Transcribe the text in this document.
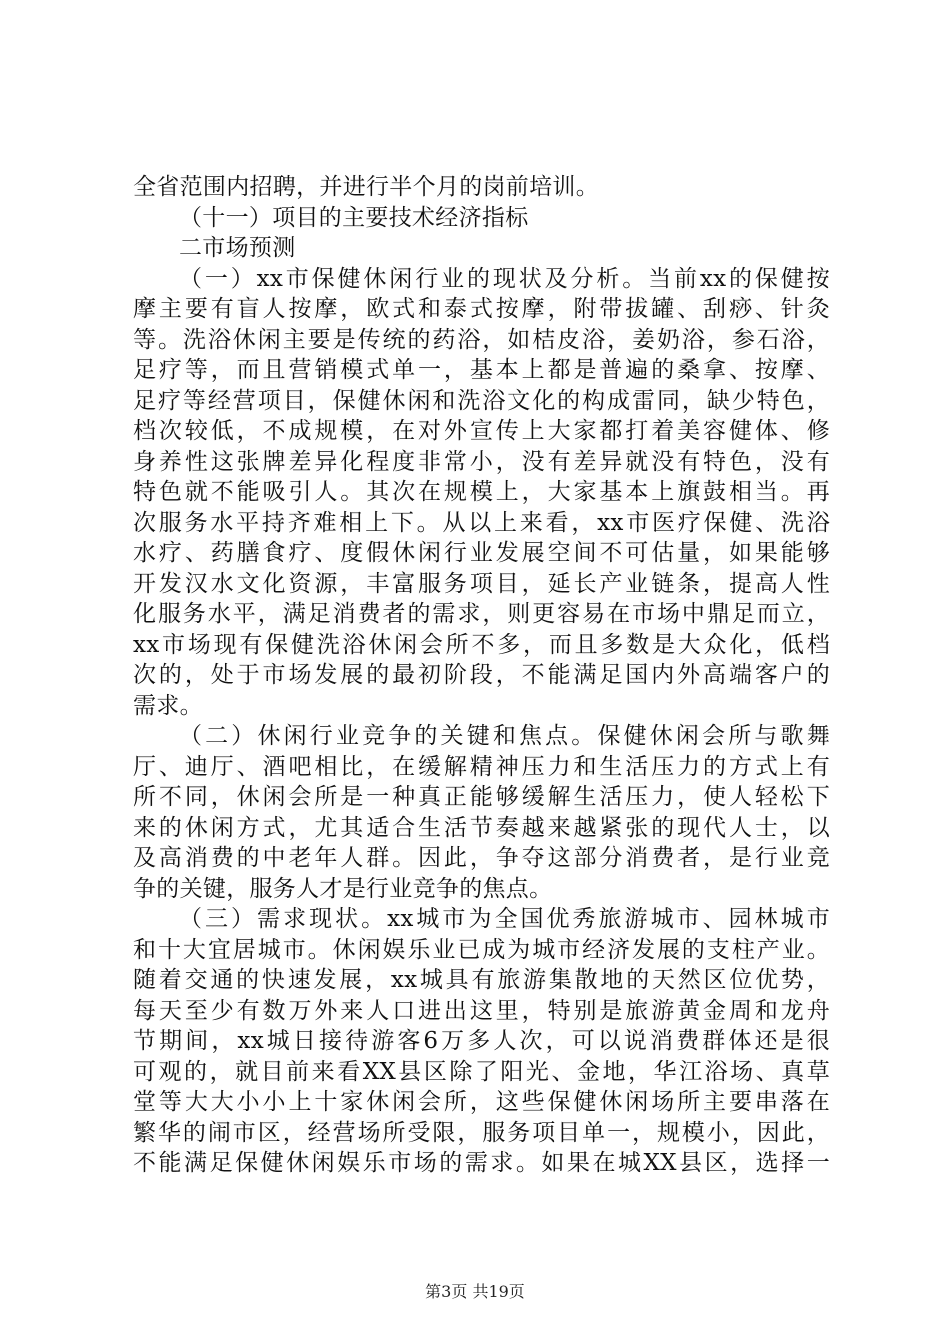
全省范围内招聘，并进行半个月的岗前培训。
（十一）项目的主要技术经济指标
二市场预测
（一）xx市保健休闲行业的现状及分析。当前xx的保健按
摩主要有盲人按摩，欧式和泰式按摩，附带拔罐、刮痧、针灸
等。洗浴休闲主要是传统的药浴，如桔皮浴，姜奶浴，参石浴，
足疗等，而且营销模式单一，基本上都是普遍的桑拿、按摩、
足疗等经营项目，保健休闲和洗浴文化的构成雷同，缺少特色，
档次较低，不成规模，在对外宣传上大家都打着美容健体、修
身养性这张牌差异化程度非常小，没有差异就没有特色，没有
特色就不能吸引人。其次在规模上，大家基本上旗鼓相当。再
次服务水平持齐难相上下。从以上来看，xx市医疗保健、洗浴
水疗、药膳食疗、度假休闲行业发展空间不可估量，如果能够
开发汉水文化资源，丰富服务项目，延长产业链条，提高人性
化服务水平，满足消费者的需求，则更容易在市场中鼎足而立，
xx市场现有保健洗浴休闲会所不多，而且多数是大众化，低档
次的，处于市场发展的最初阶段，不能满足国内外高端客户的
需求。
（二）休闲行业竞争的关键和焦点。保健休闲会所与歌舞
厅、迪厅、酒吧相比，在缓解精神压力和生活压力的方式上有
所不同，休闲会所是一种真正能够缓解生活压力，使人轻松下
来的休闲方式，尤其适合生活节奏越来越紧张的现代人士，以
及高消费的中老年人群。因此，争夺这部分消费者，是行业竞
争的关键，服务人才是行业竞争的焦点。
（三）需求现状。xx城市为全国优秀旅游城市、园林城市
和十大宜居城市。休闲娱乐业已成为城市经济发展的支柱产业。
随着交通的快速发展，xx城具有旅游集散地的天然区位优势，
每天至少有数万外来人口进出这里，特别是旅游黄金周和龙舟
节期间，xx城日接待游客6万多人次，可以说消费群体还是很
可观的，就目前来看XX县区除了阳光、金地，华江浴场、真草
堂等大大小小上十家休闲会所，这些保健休闲场所主要串落在
繁华的闹市区，经营场所受限，服务项目单一，规模小，因此，
不能满足保健休闲娱乐市场的需求。如果在城XX县区，选择一
第3页 共19页
